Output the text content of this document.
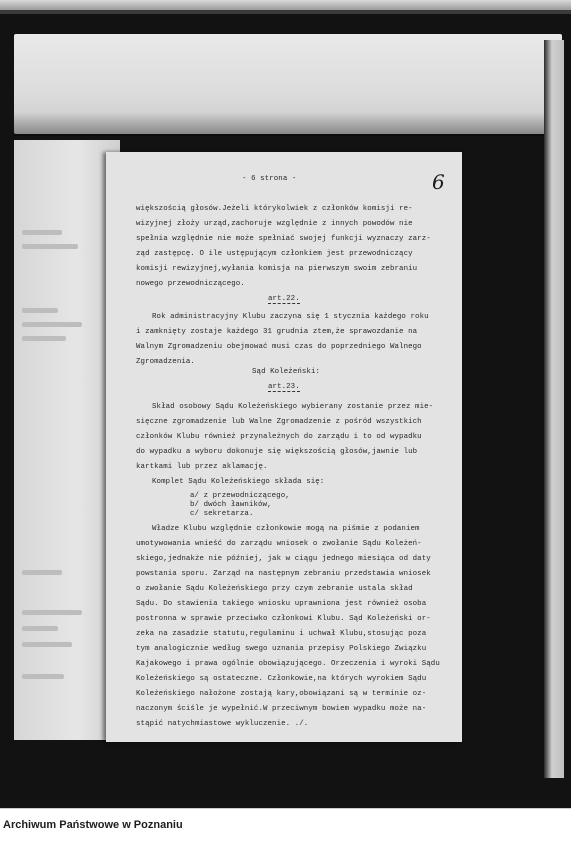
6
- 6 strona -
większością głosów.Jeżeli którykolwiek z członków komisji re-
wizyjnej złoży urząd,zachoruje względnie z innych powodów nie
spełnia względnie nie może spełniać swojej funkcji wyznaczy zarz-
ząd zastępcę. O ile ustępującym członkiem jest przewodniczący
komisji rewizyjnej,wyłania komisja na pierwszym swoim zebraniu
nowego przewodniczącego.
art.22.
Rok administracyjny Klubu zaczyna się 1 stycznia każdego roku
i zamknięty zostaje każdego 31 grudnia ztem,że sprawozdanie na
Walnym Zgromadzeniu obejmować musi czas do poprzedniego Walnego
Zgromadzenia.
Sąd Koleżeński:
art.23.
Skład osobowy Sądu Koleżeńskiego wybierany zostanie przez mie-
sięczne zgromadzenie lub Walne Zgromadzenie z pośród wszystkich
członków Klubu również przynależnych do zarządu i to od wypadku
do wypadku a wyboru dokonuje się większością głosów,jawnie lub
kartkami lub przez aklamację.
Komplet Sądu Koleżeńskiego składa się:
a/ z przewodniczącego,
b/ dwóch ławników,
c/ sekretarza.
Władze Klubu względnie członkowie mogą na piśmie z podaniem
umotywowania wnieść do zarządu wniosek o zwołanie Sądu Koleżeń-
skiego,jednakże nie później, jak w ciągu jednego miesiąca od daty
powstania sporu. Zarząd na następnym zebraniu przedstawia wniosek
o zwołanie Sądu Koleżeńskiego przy czym zebranie ustala skład
Sądu. Do stawienia takiego wniosku uprawniona jest również osoba
postronna w sprawie przeciwko członkowi Klubu. Sąd Koleżeński or-
zeka na zasadzie statutu,regulaminu i uchwał Klubu,stosując poza
tym analogicznie według swego uznania przepisy Polskiego Związku
Kajakowego i prawa ogólnie obowiązującego. Orzeczenia i wyroki Sądu
Koleżeńskiego są ostateczne. Członkowie,na których wyrokiem Sądu
Koleżeńskiego nałożone zostają kary,obowiązani są w terminie oz-
naczonym ściśle je wypełnić.W przeciwnym bowiem wypadku może na-
stąpić natychmiastowe wykluczenie. ./.
Archiwum Państwowe w Poznaniu
